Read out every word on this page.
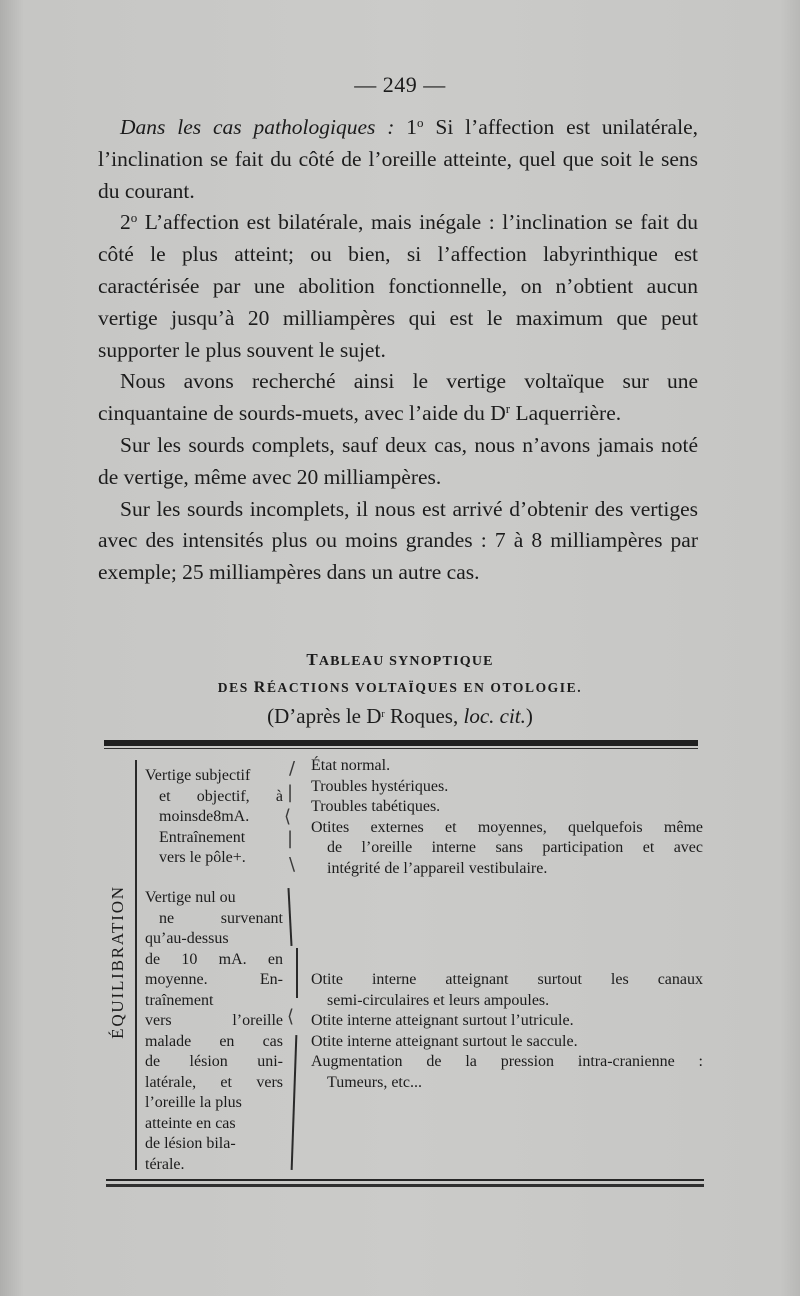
— 249 —

Dans les cas pathologiques : 1$^o$ Si l’affection est unilatérale, l’inclination se fait du côté de l’oreille atteinte, quel que soit le sens du courant.

2$^o$ L’affection est bilatérale, mais inégale : l’inclination se fait du côté le plus atteint; ou bien, si l’affection labyrinthique est caractérisée par une abolition fonctionnelle, on n’obtient aucun vertige jusqu’à 20 milliampères qui est le maximum que peut supporter le plus souvent le sujet.

Nous avons recherché ainsi le vertige voltaïque sur une cinquantaine de sourds-muets, avec l’aide du $D^r$ Laquerrière.

Sur les sourds complets, sauf deux cas, nous n’avons jamais noté de vertige, même avec 20 milliampères.

Sur les sourds incomplets, il nous est arrivé d’obtenir des vertiges avec des intensités plus ou moins grandes : 7 à 8 milliampères par exemple; 25 milliampères dans un autre cas.

TABLEAU SYNOPTIQUE
DES RÉACTIONS VOLTAÏQUES EN OTOLOGIE.
(D’après le $D^r$ Roques, loc. cit.)
ÉQUILIBRATION
/
|
⟨
|
\
⟨
Vertige subjectif
et objectif, à
moinsde8mA.
Entraînement
vers le pôle+.
Vertige nul ou
ne survenant
qu’au-dessus
de 10 mA. en
moyenne. En-
traînement
vers l’oreille
malade en cas
de lésion uni-
latérale, et vers
l’oreille la plus
atteinte en cas
de lésion bila-
térale.
État normal.
Troubles hystériques.
Troubles tabétiques.
Otites externes et moyennes, quelquefois même
de l’oreille interne sans participation et avec
intégrité de l’appareil vestibulaire.
Otite interne atteignant surtout les canaux
semi-circulaires et leurs ampoules.
Otite interne atteignant surtout l’utricule.
Otite interne atteignant surtout le saccule.
Augmentation de la pression intra-cranienne :
Tumeurs, etc...
